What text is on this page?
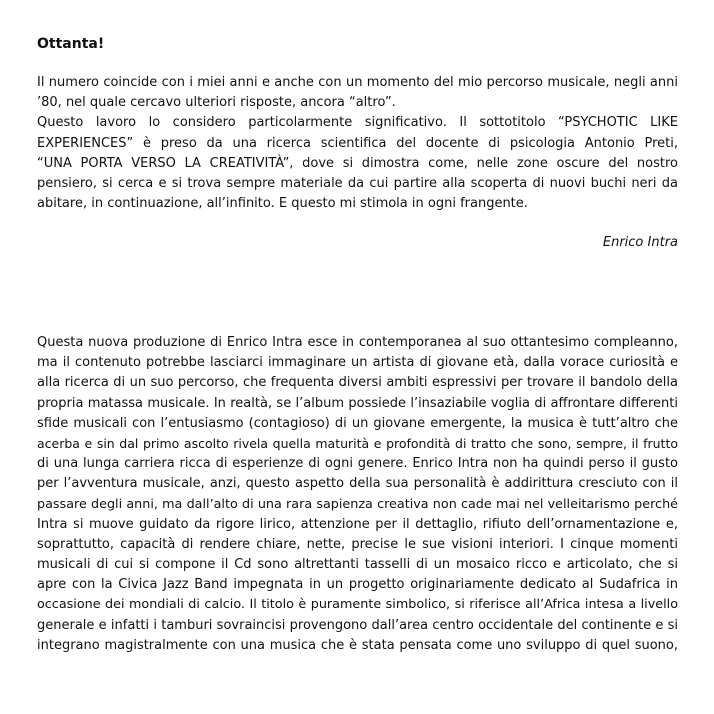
Ottanta!
Il numero coincide con i miei anni e anche con un momento del mio percorso musicale, negli anni
’80, nel quale cercavo ulteriori risposte, ancora “altro”.
Questo lavoro lo considero particolarmente significativo. Il sottotitolo “PSYCHOTIC LIKE
EXPERIENCES” è preso da una ricerca scientifica del docente di psicologia Antonio Preti,
“UNA PORTA VERSO LA CREATIVITÀ”, dove si dimostra come, nelle zone oscure del nostro
pensiero, si cerca e si trova sempre materiale da cui partire alla scoperta di nuovi buchi neri da
abitare, in continuazione, all’infinito. E questo mi stimola in ogni frangente.

Enrico Intra

Questa nuova produzione di Enrico Intra esce in contemporanea al suo ottantesimo compleanno,
ma il contenuto potrebbe lasciarci immaginare un artista di giovane età, dalla vorace curiosità e
alla ricerca di un suo percorso, che frequenta diversi ambiti espressivi per trovare il bandolo della
propria matassa musicale. In realtà, se l’album possiede l’insaziabile voglia di affrontare differenti
sfide musicali con l’entusiasmo (contagioso) di un giovane emergente, la musica è tutt’altro che
acerba e sin dal primo ascolto rivela quella maturità e profondità di tratto che sono, sempre, il frutto
di una lunga carriera ricca di esperienze di ogni genere. Enrico Intra non ha quindi perso il gusto
per l’avventura musicale, anzi, questo aspetto della sua personalità è addirittura cresciuto con il
passare degli anni, ma dall’alto di una rara sapienza creativa non cade mai nel velleitarismo perché
Intra si muove guidato da rigore lirico, attenzione per il dettaglio, rifiuto dell’ornamentazione e,
soprattutto, capacità di rendere chiare, nette, precise le sue visioni interiori. I cinque momenti
musicali di cui si compone il Cd sono altrettanti tasselli di un mosaico ricco e articolato, che si
apre con la Civica Jazz Band impegnata in un progetto originariamente dedicato al Sudafrica in
occasione dei mondiali di calcio. Il titolo è puramente simbolico, si riferisce all’Africa intesa a livello
generale e infatti i tamburi sovraincisi provengono dall’area centro occidentale del continente e si
integrano magistralmente con una musica che è stata pensata come uno sviluppo di quel suono,
